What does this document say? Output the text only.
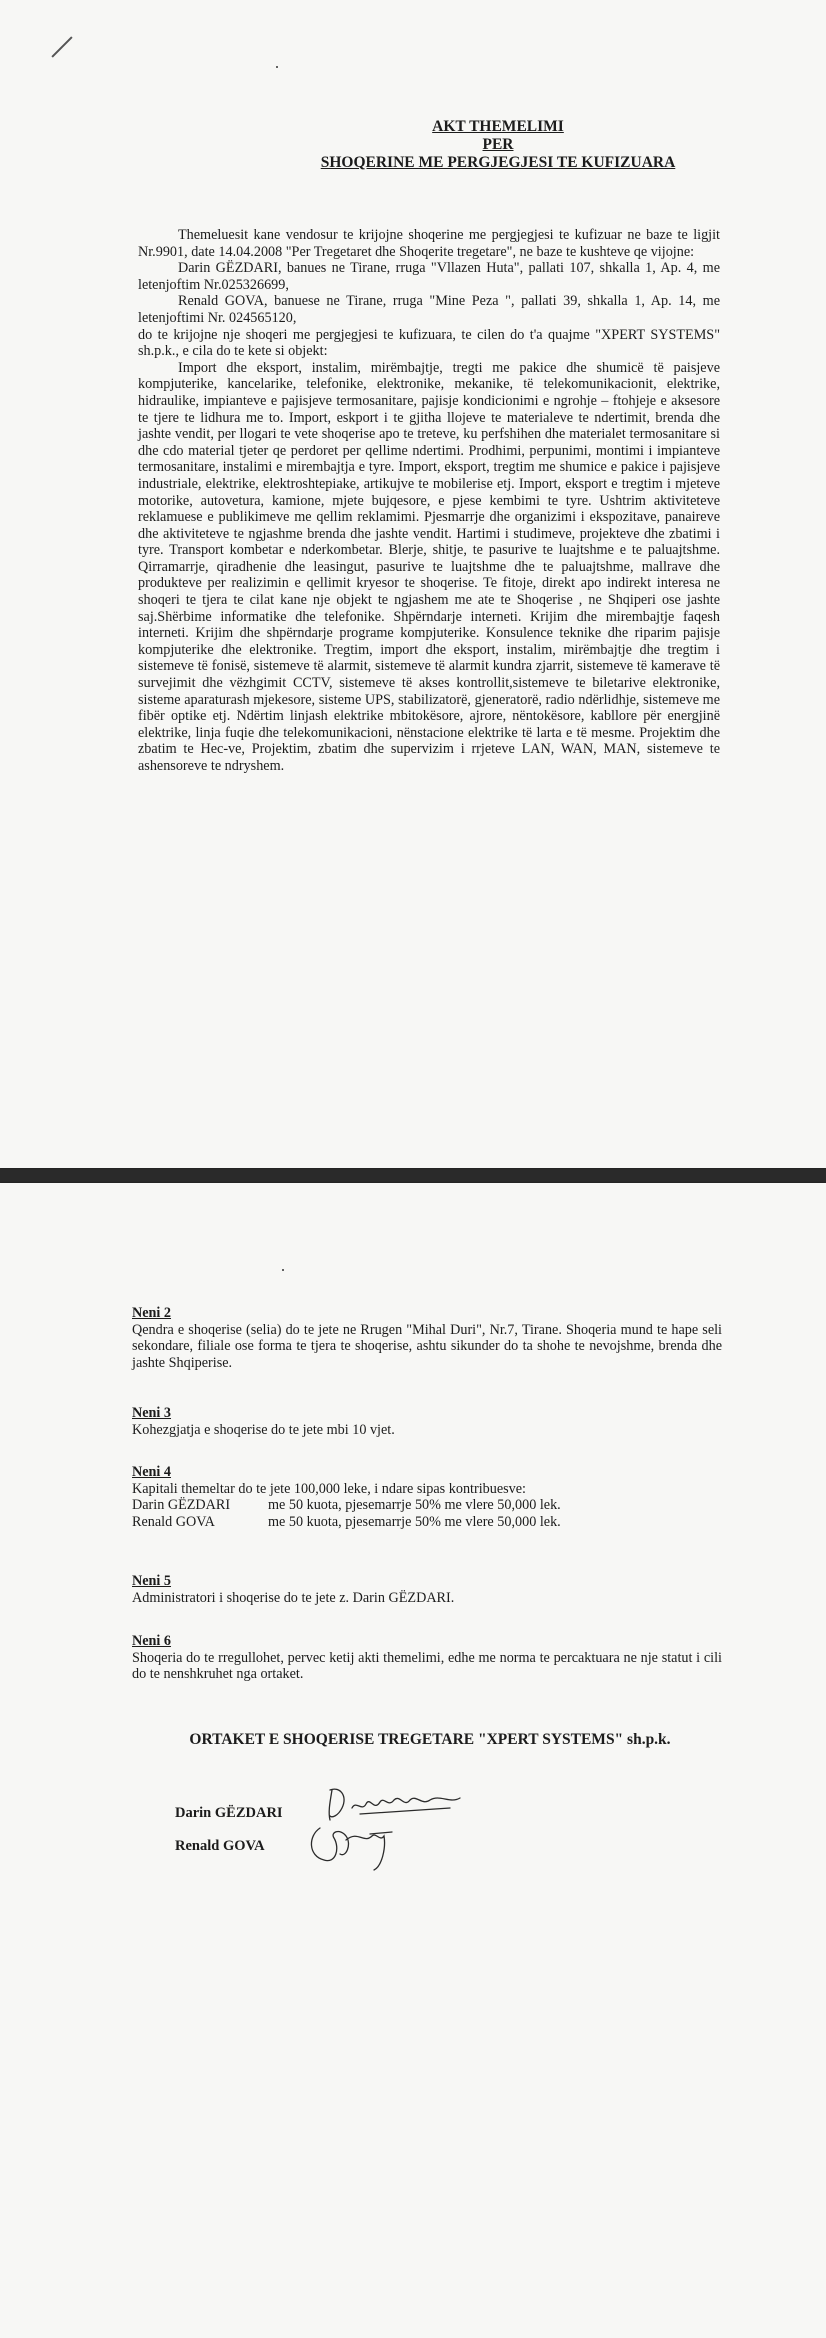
AKT THEMELIMI
PER
SHOQERINE ME PERGJEGJESI TE KUFIZUARA

Themeluesit kane vendosur te krijojne shoqerine me pergjegjesi te kufizuar ne baze te ligjit Nr.9901, date 14.04.2008 "Per Tregetaret dhe Shoqerite tregetare", ne baze te kushteve qe vijojne:

Darin GËZDARI, banues ne Tirane, rruga "Vllazen Huta", pallati 107, shkalla 1, Ap. 4, me letenjoftim Nr.025326699,

Renald GOVA, banuese ne Tirane, rruga "Mine Peza ", pallati 39, shkalla 1, Ap. 14, me letenjoftimi Nr. 024565120,

do te krijojne nje shoqeri me pergjegjesi te kufizuara, te cilen do t'a quajme "XPERT SYSTEMS" sh.p.k., e cila do te kete si objekt:

Import dhe eksport, instalim, mirëmbajtje, tregti me pakice dhe shumicë të paisjeve kompjuterike, kancelarike, telefonike, elektronike, mekanike, të telekomunikacionit, elektrike, hidraulike, impianteve e pajisjeve termosanitare, pajisje kondicionimi e ngrohje – ftohjeje e aksesore te tjere te lidhura me to. Import, eskport i te gjitha llojeve te materialeve te ndertimit, brenda dhe jashte vendit, per llogari te vete shoqerise apo te treteve, ku perfshihen dhe materialet termosanitare si dhe cdo material tjeter qe perdoret per qellime ndertimi. Prodhimi, perpunimi, montimi i impianteve termosanitare, instalimi e mirembajtja e tyre. Import, eksport, tregtim me shumice e pakice i pajisjeve industriale, elektrike, elektroshtepiake, artikujve te mobilerise etj. Import, eksport e tregtim i mjeteve motorike, autovetura, kamione, mjete bujqesore, e pjese kembimi te tyre. Ushtrim aktiviteteve reklamuese e publikimeve me qellim reklamimi. Pjesmarrje dhe organizimi i ekspozitave, panaireve dhe aktiviteteve te ngjashme brenda dhe jashte vendit. Hartimi i studimeve, projekteve dhe zbatimi i tyre. Transport kombetar e nderkombetar. Blerje, shitje, te pasurive te luajtshme e te paluajtshme. Qirramarrje, qiradhenie dhe leasingut, pasurive te luajtshme dhe te paluajtshme, mallrave dhe produkteve per realizimin e qellimit kryesor te shoqerise. Te fitoje, direkt apo indirekt interesa ne shoqeri te tjera te cilat kane nje objekt te ngjashem me ate te Shoqerise , ne Shqiperi ose jashte saj.Shërbime informatike dhe telefonike. Shpërndarje interneti. Krijim dhe mirembajtje faqesh interneti. Krijim dhe shpërndarje programe kompjuterike. Konsulence teknike dhe riparim pajisje kompjuterike dhe elektronike. Tregtim, import dhe eksport, instalim, mirëmbajtje dhe tregtim i sistemeve të fonisë, sistemeve të alarmit, sistemeve të alarmit kundra zjarrit, sistemeve të kamerave të survejimit dhe vëzhgimit CCTV, sistemeve të akses kontrollit,sistemeve te biletarive elektronike, sisteme aparaturash mjekesore, sisteme UPS, stabilizatorë, gjeneratorë, radio ndërlidhje, sistemeve me fibër optike etj. Ndërtim linjash elektrike mbitokësore, ajrore, nëntokësore, kabllore për energjinë elektrike, linja fuqie dhe telekomunikacioni, nënstacione elektrike të larta e të mesme. Projektim dhe zbatim te Hec-ve, Projektim, zbatim dhe supervizim i rrjeteve LAN, WAN, MAN, sistemeve te ashensoreve te ndryshem.

Neni 2

Qendra e shoqerise (selia) do te jete ne Rrugen "Mihal Duri", Nr.7, Tirane. Shoqeria mund te hape seli sekondare, filiale ose forma te tjera te shoqerise, ashtu sikunder do ta shohe te nevojshme, brenda dhe jashte Shqiperise.

Neni 3

Kohezgjatja e shoqerise do te jete mbi 10 vjet.

Neni 4

Kapitali themeltar do te jete 100,000 leke, i ndare sipas kontribuesve:

Darin GËZDARI	me 50 kuota, pjesemarrje 50% me vlere 50,000 lek.
Renald GOVA	me 50 kuota, pjesemarrje 50% me vlere 50,000 lek.
Neni 5

Administratori i shoqerise do te jete z. Darin GËZDARI.

Neni 6

Shoqeria do te rregullohet, pervec ketij akti themelimi, edhe me norma te percaktuara ne nje statut i cili do te nenshkruhet nga ortaket.

ORTAKET E SHOQERISE TREGETARE "XPERT SYSTEMS" sh.p.k.
Darin GËZDARI
Renald GOVA
